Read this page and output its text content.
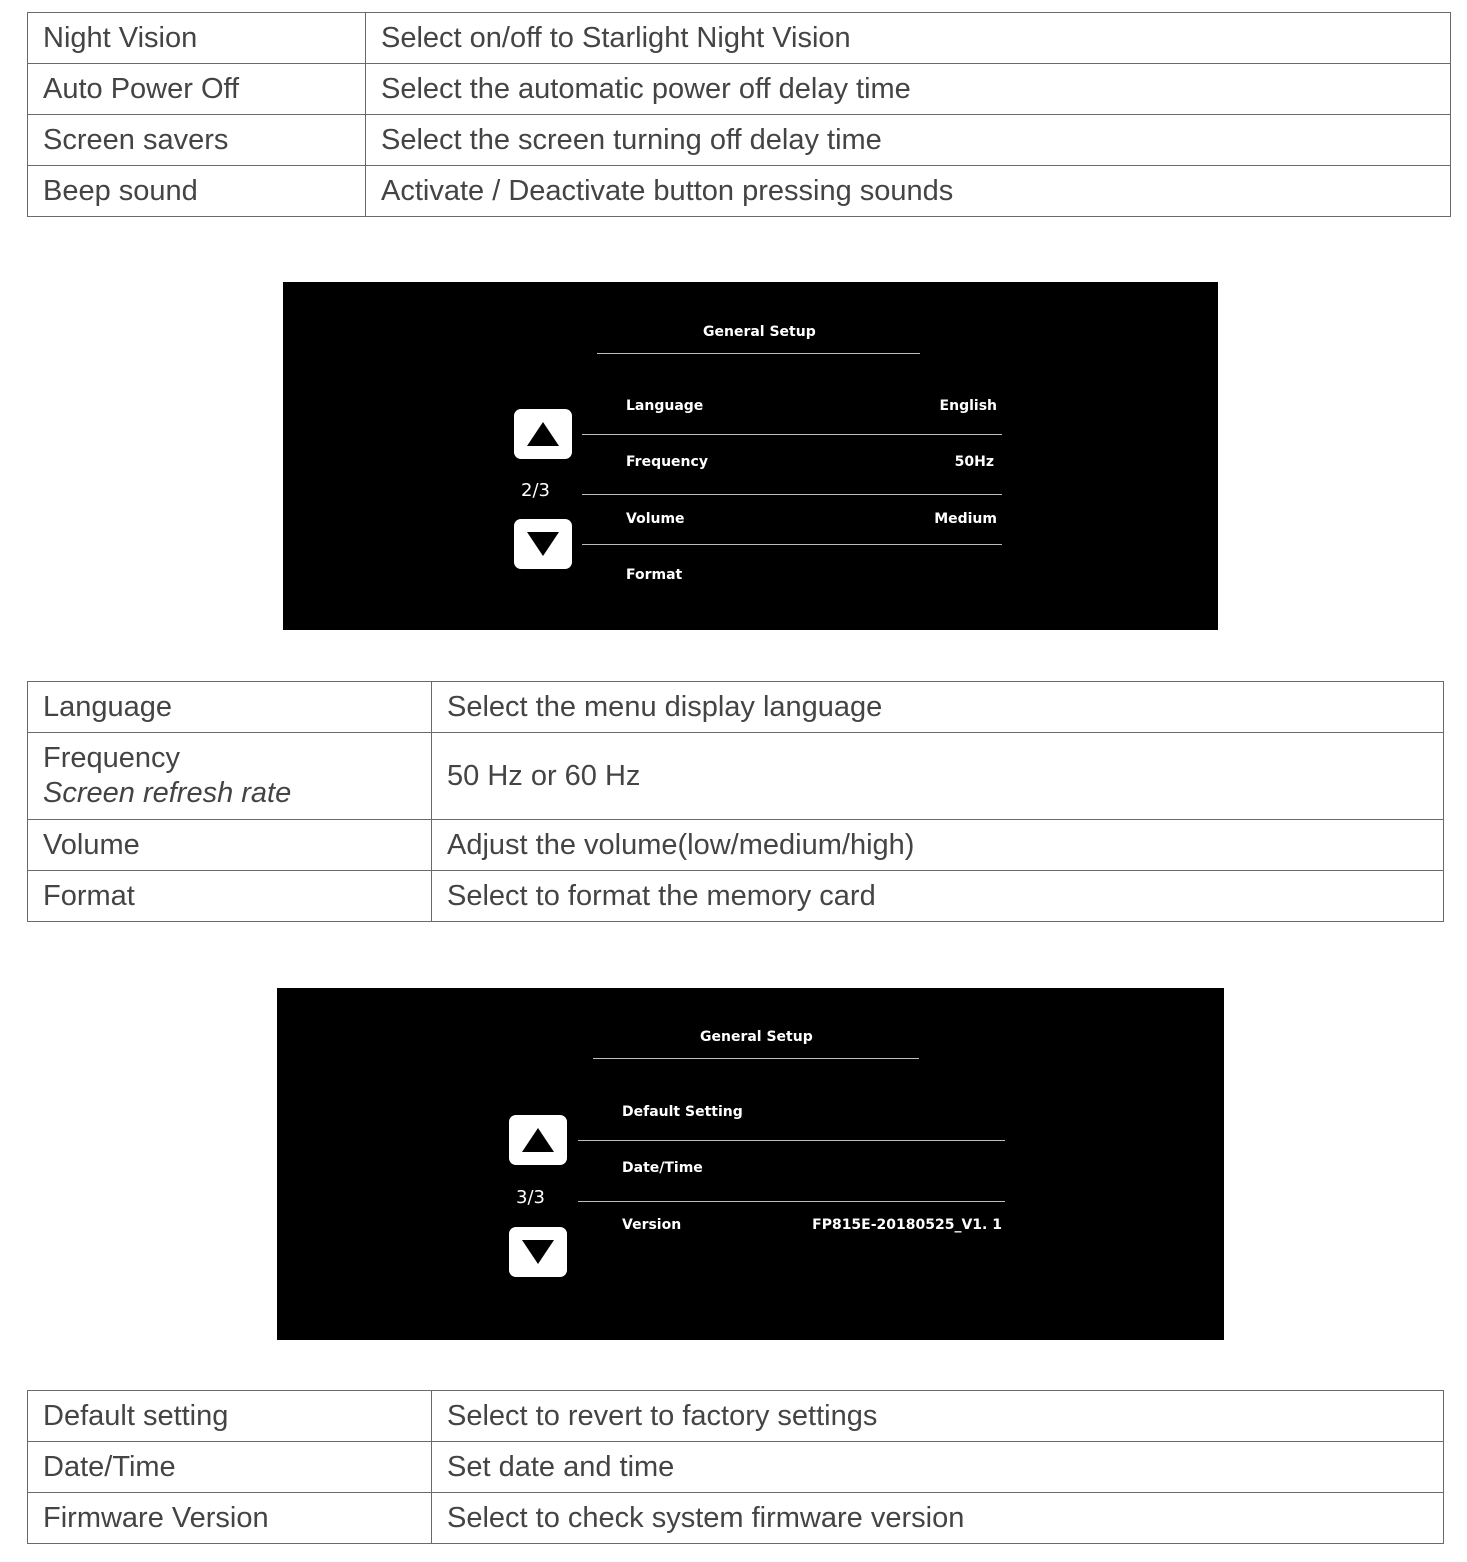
Night Vision	Select on/off to Starlight Night Vision
Auto Power Off	Select the automatic power off delay time
Screen savers	Select the screen turning off delay time
Beep sound	Activate / Deactivate button pressing sounds
General Setup
2/3
Language	English
Frequency	50Hz
Volume	Medium
Format
Language	Select the menu display language
Frequency
Screen refresh rate	50 Hz or 60 Hz
Volume	Adjust the volume(low/medium/high)
Format	Select to format the memory card
General Setup
3/3
Default Setting
Date/Time
Version	FP815E-20180525_V1. 1
Default setting	Select to revert to factory settings
Date/Time	Set date and time
Firmware Version	Select to check system firmware version
